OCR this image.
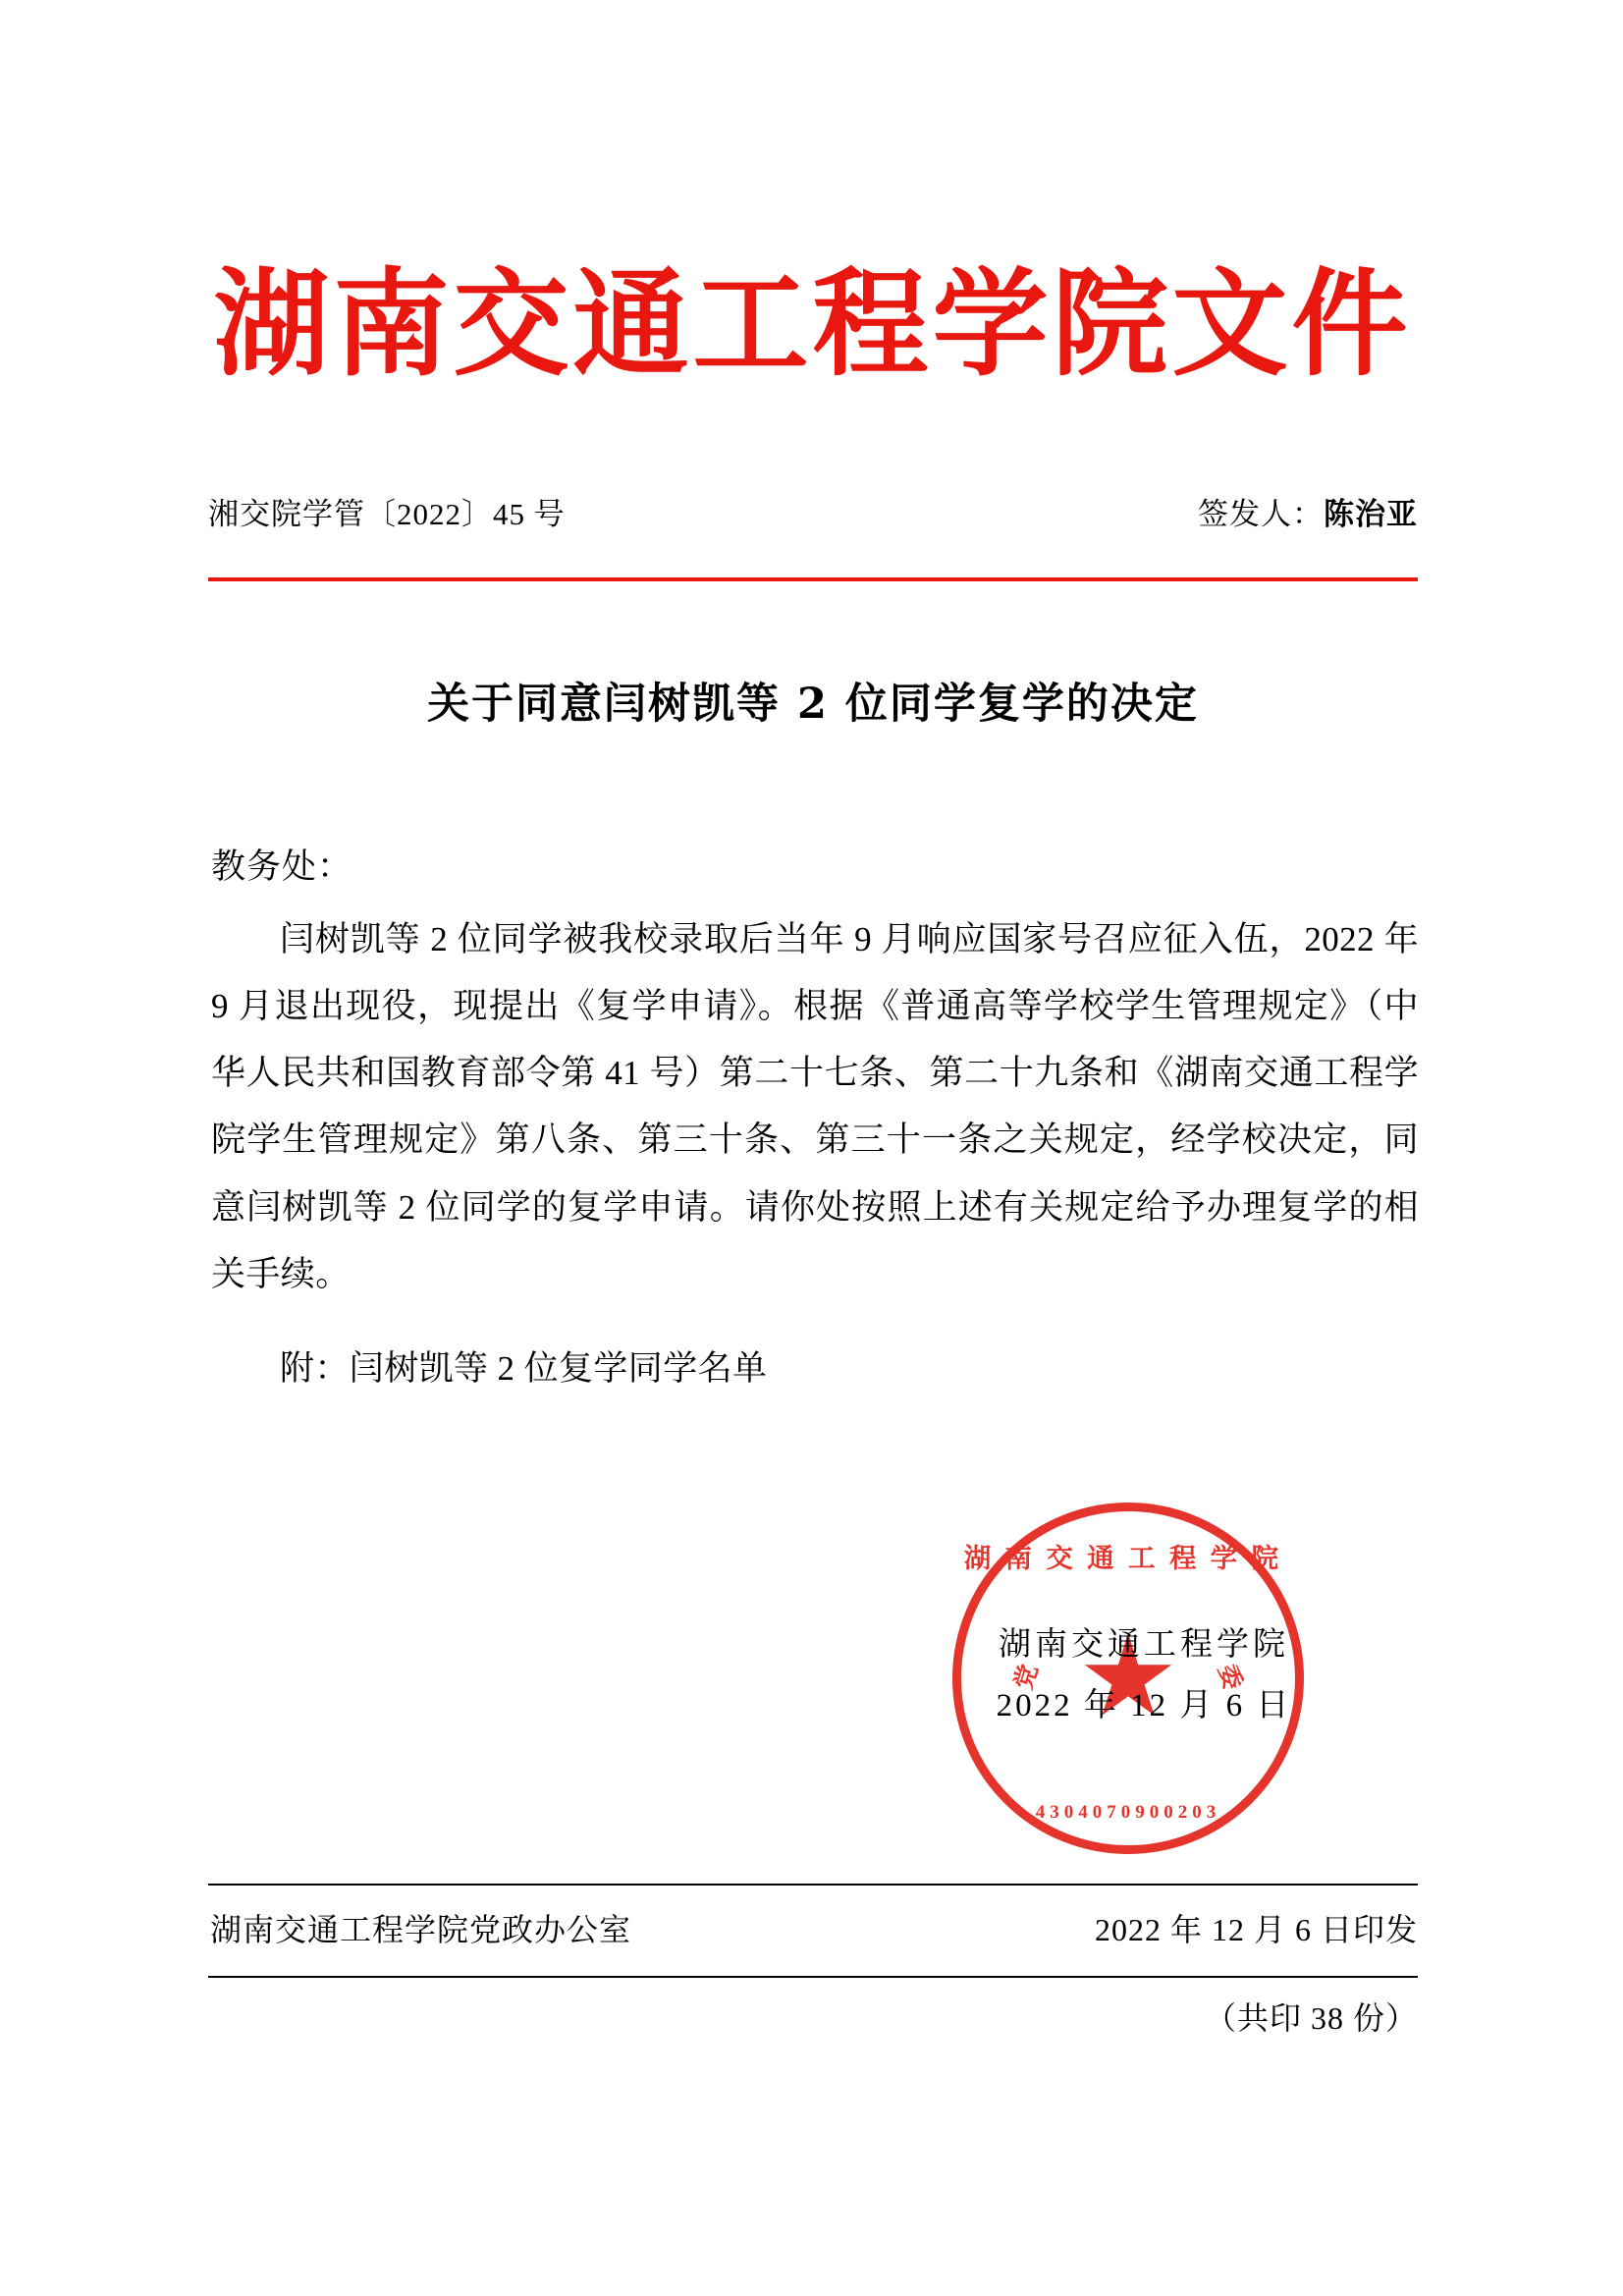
湖南交通工程学院文件
湘交院学管〔2022〕45 号	签发人：陈治亚
关于同意闫树凯等 2 位同学复学的决定
教务处：

闫树凯等 2 位同学被我校录取后当年 9 月响应国家号召应征入伍，2022 年 9 月退出现役，现提出《复学申请》。根据《普通高等学校学生管理规定》（中华人民共和国教育部令第 41 号）第二十七条、第二十九条和《湖南交通工程学院学生管理规定》第八条、第三十条、第三十一条之关规定，经学校决定，同意闫树凯等 2 位同学的复学申请。请你处按照上述有关规定给予办理复学的相关手续。

附：闫树凯等 2 位复学同学名单
湖南交通工程学院
党	委
4304070900203
湖南交通工程学院
2022 年 12 月 6 日
湖南交通工程学院党政办公室	2022 年 12 月 6 日印发
（共印 38 份）
